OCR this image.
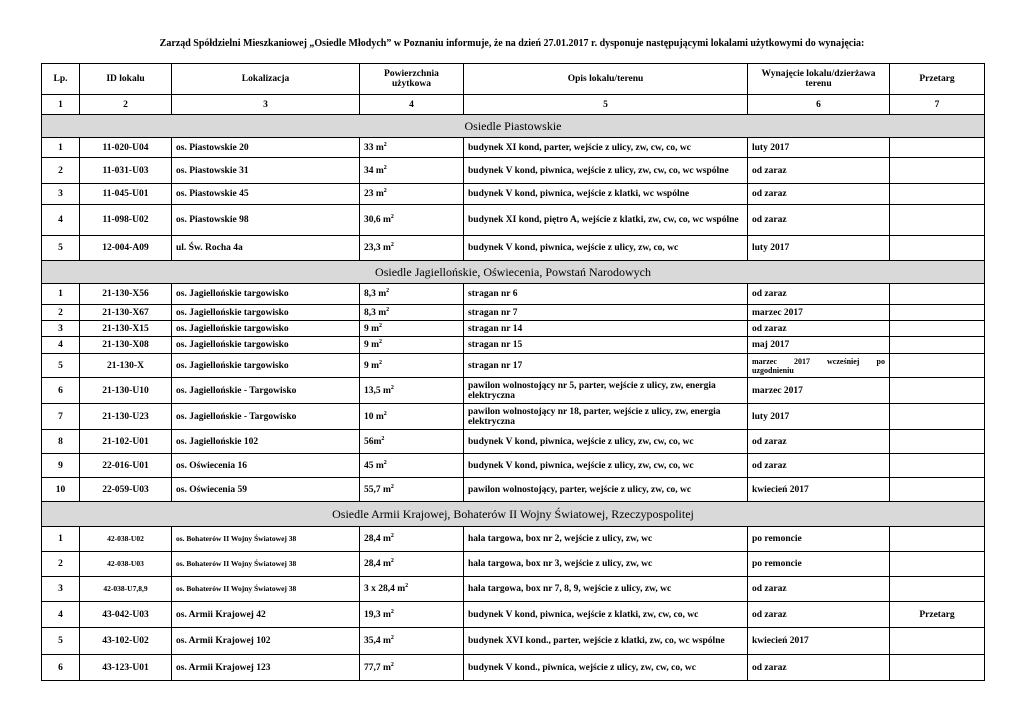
Zarząd Spółdzielni Mieszkaniowej „Osiedle Młodych” w Poznaniu informuje, że na dzień 27.01.2017 r. dysponuje następującymi lokalami użytkowymi do wynajęcia:
Lp.	ID lokalu	Lokalizacja	Powierzchnia użytkowa	Opis lokalu/terenu	Wynajęcie lokalu/dzierżawa terenu	Przetarg
1	2	3	4	5	6	7
Osiedle Piastowskie						
1	11-020-U04	os. Piastowskie 20	33 $m^2$	budynek XI kond, parter, wejście z ulicy, zw, cw, co, wc	luty 2017	
2	11-031-U03	os. Piastowskie 31	34 $m^2$	budynek V kond, piwnica, wejście z ulicy, zw, cw, co, wc wspólne	od zaraz	
3	11-045-U01	os. Piastowskie 45	23 $m^2$	budynek V kond, piwnica, wejście z klatki, wc wspólne	od zaraz	
4	11-098-U02	os. Piastowskie 98	30,6 $m^2$	budynek XI kond, piętro A, wejście z klatki, zw, cw, co, wc wspólne	od zaraz	
5	12-004-A09	ul. Św. Rocha 4a	23,3 $m^2$	budynek V kond, piwnica, wejście z ulicy, zw, co, wc	luty 2017	
Osiedle Jagiellońskie, Oświecenia, Powstań Narodowych						
1	21-130-X56	os. Jagiellońskie targowisko	8,3 $m^2$	stragan nr 6	od zaraz	
2	21-130-X67	os. Jagiellońskie targowisko	8,3 $m^2$	stragan nr 7	marzec 2017	
3	21-130-X15	os. Jagiellońskie targowisko	9 $m^2$	stragan nr 14	od zaraz	
4	21-130-X08	os. Jagiellońskie targowisko	9 $m^2$	stragan nr 15	maj 2017	
5	21-130-X	os. Jagiellońskie targowisko	9 $m^2$	stragan nr 17	marzec 2017 wcześniej po
uzgodnieniu	

6	21-130-U10	os. Jagiellońskie - Targowisko	13,5 $m^2$	pawilon wolnostojący nr 5, parter, wejście z ulicy, zw, energia elektryczna	marzec 2017	
7	21-130-U23	os. Jagiellońskie - Targowisko	10 $m^2$	pawilon wolnostojący nr 18, parter, wejście z ulicy, zw, energia elektryczna	luty 2017	
8	21-102-U01	os. Jagiellońskie 102	$56m^2$	budynek V kond, piwnica, wejście z ulicy, zw, cw, co, wc	od zaraz	
9	22-016-U01	os. Oświecenia 16	45 $m^2$	budynek V kond, piwnica, wejście z ulicy, zw, cw, co, wc	od zaraz	
10	22-059-U03	os. Oświecenia 59	55,7 $m^2$	pawilon wolnostojący, parter, wejście z ulicy, zw, co, wc	kwiecień 2017	
Osiedle Armii Krajowej, Bohaterów II Wojny Światowej, Rzeczypospolitej						
1	42-038-U02	os. Bohaterów II Wojny Światowej 38	28,4 $m^2$	hala targowa, box nr 2, wejście z ulicy, zw, wc	po remoncie	
2	42-038-U03	os. Bohaterów II Wojny Światowej 38	28,4 $m^2$	hala targowa, box nr 3, wejście z ulicy, zw, wc	po remoncie	
3	42-038-U7,8,9	os. Bohaterów II Wojny Światowej 38	3 x 28,4 $m^2$	hala targowa, box nr 7, 8, 9, wejście z ulicy, zw, wc	od zaraz	
4	43-042-U03	os. Armii Krajowej 42	19,3 $m^2$	budynek V kond, piwnica, wejście z klatki, zw, cw, co, wc	od zaraz	Przetarg
5	43-102-U02	os. Armii Krajowej 102	35,4 $m^2$	budynek XVI kond., parter, wejście z klatki, zw, co, wc wspólne	kwiecień 2017	
6	43-123-U01	os. Armii Krajowej 123	77,7 $m^2$	budynek V kond., piwnica, wejście z ulicy, zw, cw, co, wc	od zaraz	
